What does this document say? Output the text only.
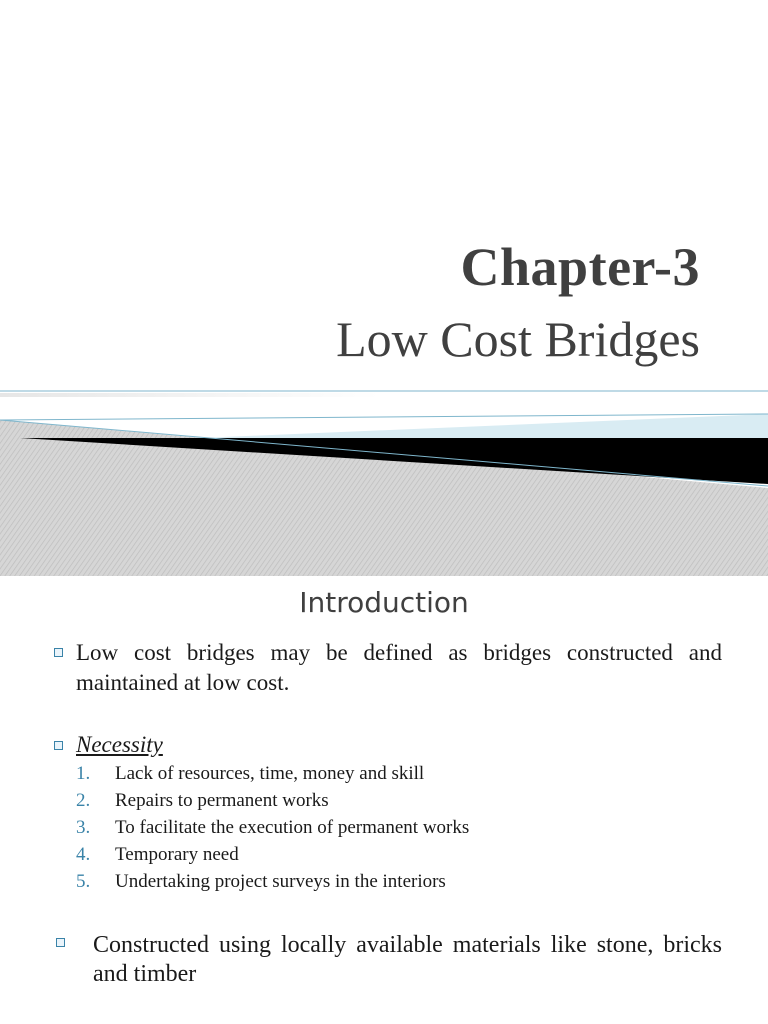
Chapter-3
Low Cost Bridges
Introduction
Low cost bridges may be defined as bridges constructed and maintained at low cost.
Necessity
1. Lack of resources, time, money and skill
2. Repairs to permanent works
3. To facilitate the execution of permanent works
4. Temporary need
5. Undertaking project surveys in the interiors
Constructed using locally available materials like stone, bricks and timber
